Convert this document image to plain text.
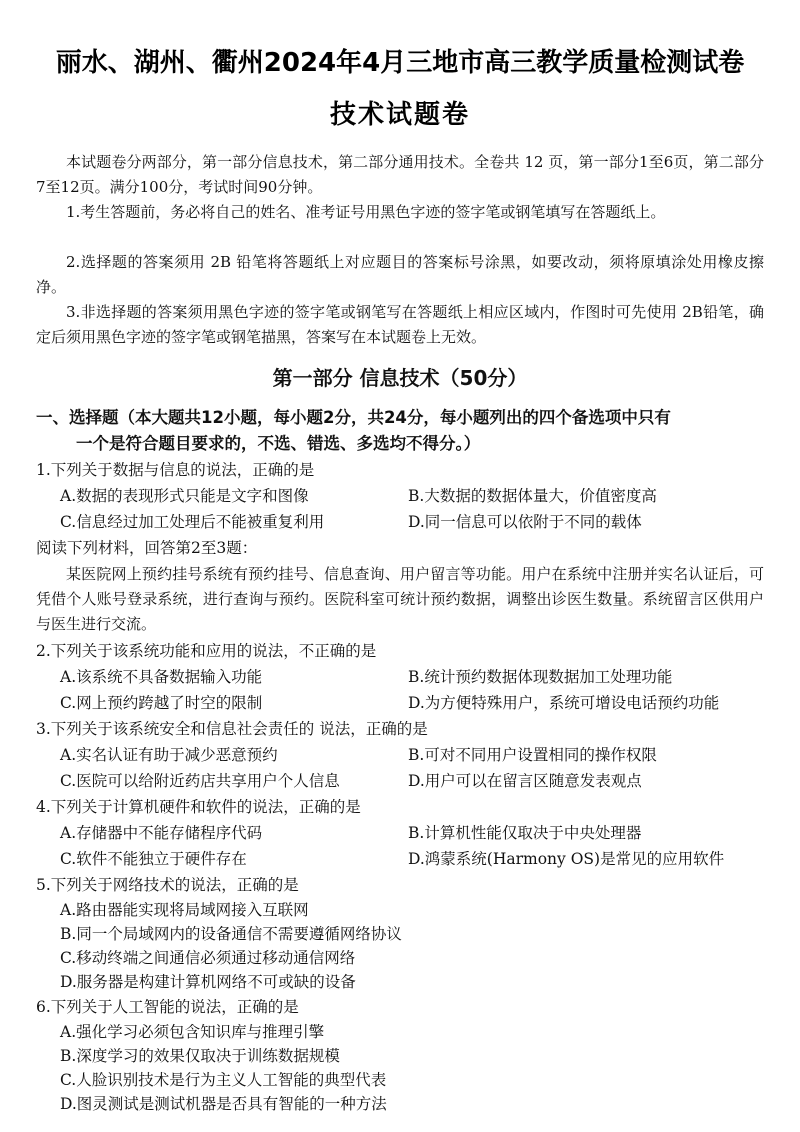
丽水、湖州、衢州2024年4月三地市高三教学质量检测试卷
技术试题卷

本试题卷分两部分，第一部分信息技术，第二部分通用技术。全卷共 12 页，第一部分1至6页，第二部分7至12页。满分100分，考试时间90分钟。

1.考生答题前，务必将自己的姓名、准考证号用黑色字迹的签字笔或钢笔填写在答题纸上。

2.选择题的答案须用 2B 铅笔将答题纸上对应题目的答案标号涂黑，如要改动，须将原填涂处用橡皮擦净。

3.非选择题的答案须用黑色字迹的签字笔或钢笔写在答题纸上相应区域内，作图时可先使用 2B铅笔，确定后须用黑色字迹的签字笔或钢笔描黑，答案写在本试题卷上无效。

第一部分 信息技术（50分）
一、选择题（本大题共12小题，每小题2分，共24分，每小题列出的四个备选项中只有
一个是符合题目要求的，不选、错选、多选均不得分。）
1.下列关于数据与信息的说法，正确的是
A.数据的表现形式只能是文字和图像	B.大数据的数据体量大，价值密度高
C.信息经过加工处理后不能被重复利用	D.同一信息可以依附于不同的载体
阅读下列材料，回答第2至3题：

某医院网上预约挂号系统有预约挂号、信息查询、用户留言等功能。用户在系统中注册并实名认证后，可凭借个人账号登录系统，进行查询与预约。医院科室可统计预约数据，调整出诊医生数量。系统留言区供用户与医生进行交流。

2.下列关于该系统功能和应用的说法，不正确的是
A.该系统不具备数据输入功能	B.统计预约数据体现数据加工处理功能
C.网上预约跨越了时空的限制	D.为方便特殊用户，系统可增设电话预约功能
3.下列关于该系统安全和信息社会责任的 说法，正确的是
A.实名认证有助于减少恶意预约	B.可对不同用户设置相同的操作权限
C.医院可以给附近药店共享用户个人信息	D.用户可以在留言区随意发表观点
4.下列关于计算机硬件和软件的说法，正确的是
A.存储器中不能存储程序代码	B.计算机性能仅取决于中央处理器
C.软件不能独立于硬件存在	D.鸿蒙系统(Harmony OS)是常见的应用软件
5.下列关于网络技术的说法，正确的是
A.路由器能实现将局域网接入互联网
B.同一个局域网内的设备通信不需要遵循网络协议
C.移动终端之间通信必须通过移动通信网络
D.服务器是构建计算机网络不可或缺的设备
6.下列关于人工智能的说法，正确的是
A.强化学习必须包含知识库与推理引擎
B.深度学习的效果仅取决于训练数据规模
C.人脸识别技术是行为主义人工智能的典型代表
D.图灵测试是测试机器是否具有智能的一种方法
